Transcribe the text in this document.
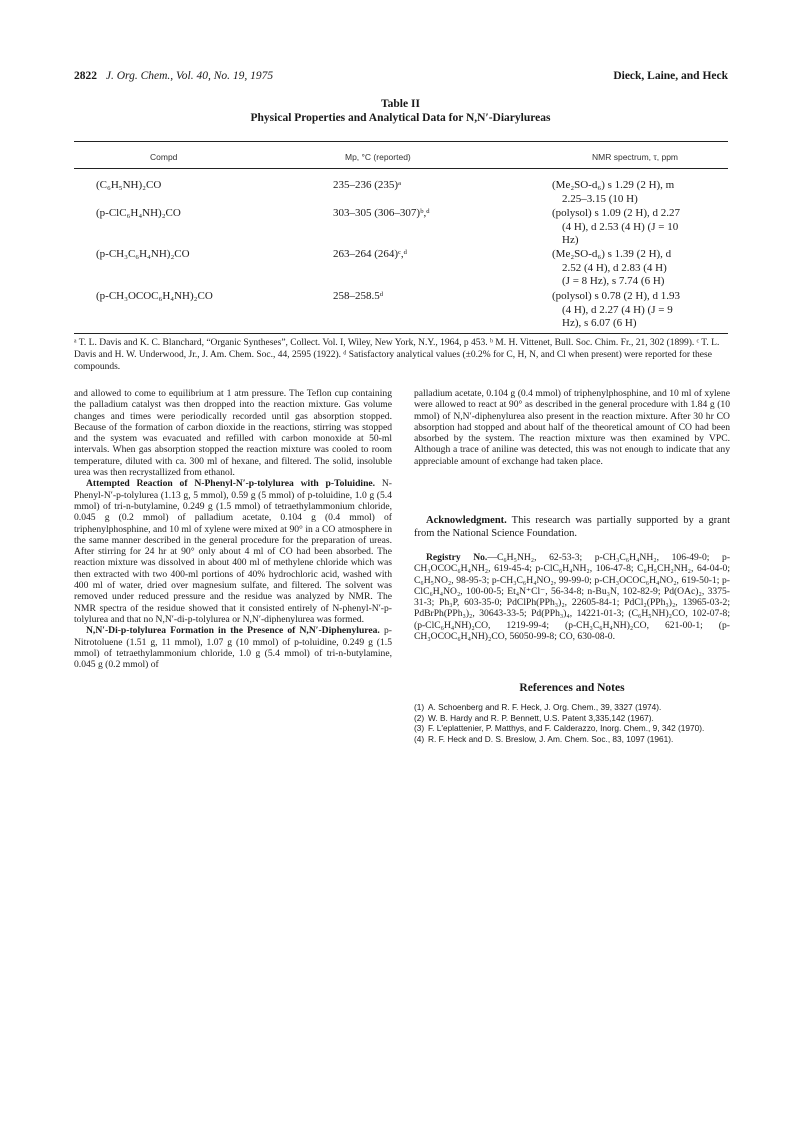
2822 J. Org. Chem., Vol. 40, No. 19, 1975	Dieck, Laine, and Heck
Table II
Physical Properties and Analytical Data for N,N′-Diarylureas
Compd	Mp, °C (reported)	NMR spectrum, τ, ppm
(C₆H₅NH)₂CO	235–236 (235)ᵃ	(Me₂SO-d₆) s 1.29 (2 H), m
2.25–3.15 (10 H)
(p-ClC₆H₄NH)₂CO	303–305 (306–307)ᵇ,ᵈ	(polysol) s 1.09 (2 H), d 2.27
(4 H), d 2.53 (4 H) (J = 10
Hz)
(p-CH₃C₆H₄NH)₂CO	263–264 (264)ᶜ,ᵈ	(Me₂SO-d₆) s 1.39 (2 H), d
2.52 (4 H), d 2.83 (4 H)
(J = 8 Hz), s 7.74 (6 H)
(p-CH₃OCOC₆H₄NH)₂CO	258–258.5ᵈ	(polysol) s 0.78 (2 H), d 1.93
(4 H), d 2.27 (4 H) (J = 9
Hz), s 6.07 (6 H)
ᵃ T. L. Davis and K. C. Blanchard, “Organic Syntheses”, Collect. Vol. I, Wiley, New York, N.Y., 1964, p 453. ᵇ M. H. Vittenet, Bull. Soc. Chim. Fr., 21, 302 (1899). ᶜ T. L. Davis and H. W. Underwood, Jr., J. Am. Chem. Soc., 44, 2595 (1922). ᵈ Satisfactory analytical values (±0.2% for C, H, N, and Cl when present) were reported for these compounds.

and allowed to come to equilibrium at 1 atm pressure. The Teflon cup containing the palladium catalyst was then dropped into the reaction mixture. Gas volume changes and times were periodically recorded until gas absorption stopped. Because of the formation of carbon dioxide in the reactions, stirring was stopped and the system was evacuated and refilled with carbon monoxide at 50-ml intervals. When gas absorption stopped the reaction mixture was cooled to room temperature, diluted with ca. 300 ml of hexane, and filtered. The solid, insoluble urea was then recrystallized from ethanol.

Attempted Reaction of N-Phenyl-N′-p-tolylurea with p-Toluidine. N-Phenyl-N′-p-tolylurea (1.13 g, 5 mmol), 0.59 g (5 mmol) of p-toluidine, 1.0 g (5.4 mmol) of tri-n-butylamine, 0.249 g (1.5 mmol) of tetraethylammonium chloride, 0.045 g (0.2 mmol) of palladium acetate, 0.104 g (0.4 mmol) of triphenylphosphine, and 10 ml of xylene were mixed at 90° in a CO atmosphere in the same manner described in the general procedure for the preparation of ureas. After stirring for 24 hr at 90° only about 4 ml of CO had been absorbed. The reaction mixture was dissolved in about 400 ml of methylene chloride which was then extracted with two 400-ml portions of 40% hydrochloric acid, washed with 400 ml of water, dried over magnesium sulfate, and filtered. The solvent was removed under reduced pressure and the residue was analyzed by NMR. The NMR spectra of the residue showed that it consisted entirely of N-phenyl-N′-p-tolylurea and that no N,N′-di-p-tolylurea or N,N′-diphenylurea was formed.

N,N′-Di-p-tolylurea Formation in the Presence of N,N′-Diphenylurea. p-Nitrotoluene (1.51 g, 11 mmol), 1.07 g (10 mmol) of p-toluidine, 0.249 g (1.5 mmol) of tetraethylammonium chloride, 1.0 g (5.4 mmol) of tri-n-butylamine, 0.045 g (0.2 mmol) of

palladium acetate, 0.104 g (0.4 mmol) of triphenylphosphine, and 10 ml of xylene were allowed to react at 90° as described in the general procedure with 1.84 g (10 mmol) of N,N′-diphenylurea also present in the reaction mixture. After 30 hr CO absorption had stopped and about half of the theoretical amount of CO had been absorbed by the system. The reaction mixture was then examined by VPC. Although a trace of aniline was detected, this was not enough to indicate that any appreciable amount of exchange had taken place.

Acknowledgment. This research was partially supported by a grant from the National Science Foundation.

Registry No.—C₆H₅NH₂, 62-53-3; p-CH₃C₆H₄NH₂, 106-49-0; p-CH₃OCOC₆H₄NH₂, 619-45-4; p-ClC₆H₄NH₂, 106-47-8; C₆H₅CH₂NH₂, 64-04-0; C₆H₅NO₂, 98-95-3; p-CH₃C₆H₄NO₂, 99-99-0; p-CH₃OCOC₆H₄NO₂, 619-50-1; p-ClC₆H₄NO₂, 100-00-5; Et₄N⁺Cl⁻, 56-34-8; n-Bu₃N, 102-82-9; Pd(OAc)₂, 3375-31-3; Ph₃P, 603-35-0; PdClPh(PPh₃)₂, 22605-84-1; PdCl₂(PPh₃)₂, 13965-03-2; PdBrPh(PPh₃)₂, 30643-33-5; Pd(PPh₃)₄, 14221-01-3; (C₆H₅NH)₂CO, 102-07-8; (p-ClC₆H₄NH)₂CO, 1219-99-4; (p-CH₃C₆H₄NH)₂CO, 621-00-1; (p-CH₃OCOC₆H₄NH)₂CO, 56050-99-8; CO, 630-08-0.

References and Notes
(1) A. Schoenberg and R. F. Heck, J. Org. Chem., 39, 3327 (1974).
(2) W. B. Hardy and R. P. Bennett, U.S. Patent 3,335,142 (1967).
(3) F. L'eplattenier, P. Matthys, and F. Calderazzo, Inorg. Chem., 9, 342 (1970).
(4) R. F. Heck and D. S. Breslow, J. Am. Chem. Soc., 83, 1097 (1961).
